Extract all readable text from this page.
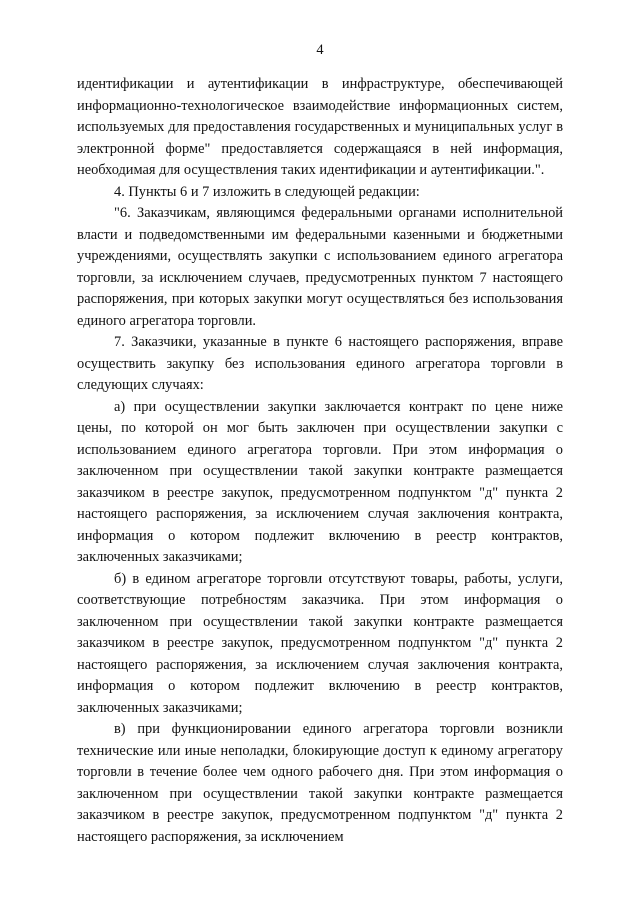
4

идентификации и аутентификации в инфраструктуре, обеспечивающей информационно-технологическое взаимодействие информационных систем, используемых для предоставления государственных и муниципальных услуг в электронной форме" предоставляется содержащаяся в ней информация, необходимая для осуществления таких идентификации и аутентификации.".

4. Пункты 6 и 7 изложить в следующей редакции:

"6. Заказчикам, являющимся федеральными органами исполнительной власти и подведомственными им федеральными казенными и бюджетными учреждениями, осуществлять закупки с использованием единого агрегатора торговли, за исключением случаев, предусмотренных пунктом 7 настоящего распоряжения, при которых закупки могут осуществляться без использования единого агрегатора торговли.

7. Заказчики, указанные в пункте 6 настоящего распоряжения, вправе осуществить закупку без использования единого агрегатора торговли в следующих случаях:

а) при осуществлении закупки заключается контракт по цене ниже цены, по которой он мог быть заключен при осуществлении закупки с использованием единого агрегатора торговли. При этом информация о заключенном при осуществлении такой закупки контракте размещается заказчиком в реестре закупок, предусмотренном подпунктом "д" пункта 2 настоящего распоряжения, за исключением случая заключения контракта, информация о котором подлежит включению в реестр контрактов, заключенных заказчиками;

б) в едином агрегаторе торговли отсутствуют товары, работы, услуги, соответствующие потребностям заказчика. При этом информация о заключенном при осуществлении такой закупки контракте размещается заказчиком в реестре закупок, предусмотренном подпунктом "д" пункта 2 настоящего распоряжения, за исключением случая заключения контракта, информация о котором подлежит включению в реестр контрактов, заключенных заказчиками;

в) при функционировании единого агрегатора торговли возникли технические или иные неполадки, блокирующие доступ к единому агрегатору торговли в течение более чем одного рабочего дня. При этом информация о заключенном при осуществлении такой закупки контракте размещается заказчиком в реестре закупок, предусмотренном подпунктом "д" пункта 2 настоящего распоряжения, за исключением
